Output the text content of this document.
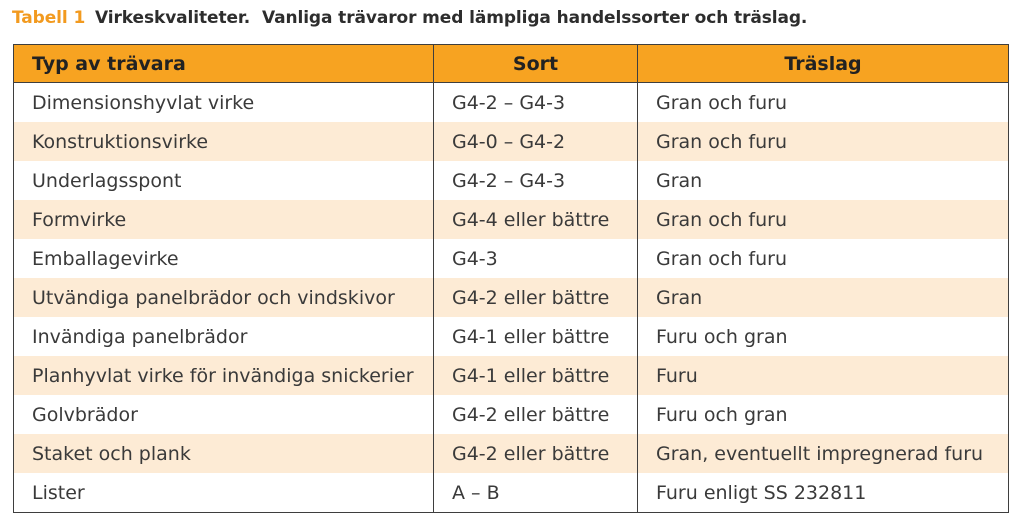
Tabell 1 Virkeskvaliteter. Vanliga trävaror med lämpliga handelssorter och träslag.
Typ av trävara	Sort	Träslag
Dimensionshyvlat virke	G4-2 – G4-3	Gran och furu
Konstruktionsvirke	G4-0 – G4-2	Gran och furu
Underlagsspont	G4-2 – G4-3	Gran
Formvirke	G4-4 eller bättre	Gran och furu
Emballagevirke	G4-3	Gran och furu
Utvändiga panelbrädor och vindskivor	G4-2 eller bättre	Gran
Invändiga panelbrädor	G4-1 eller bättre	Furu och gran
Planhyvlat virke för invändiga snickerier	G4-1 eller bättre	Furu
Golvbrädor	G4-2 eller bättre	Furu och gran
Staket och plank	G4-2 eller bättre	Gran, eventuellt impregnerad furu
Lister	A – B	Furu enligt SS 232811
